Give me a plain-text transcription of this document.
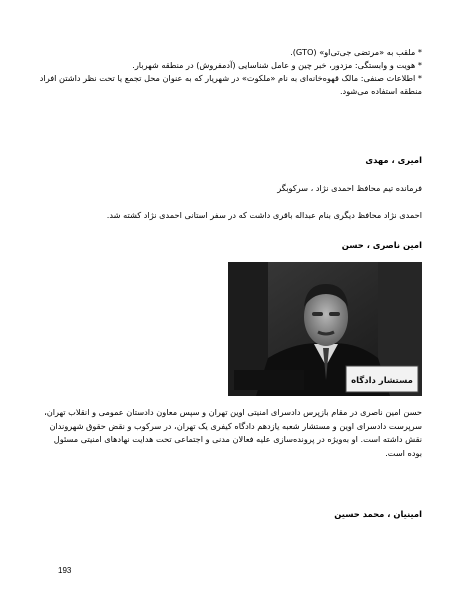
* ملقب به «مرتضی جی‌تی‌او» (GTO).
* هویت و وابستگی: مزدور، خبر چین و عامل شناسایی (آدمفروش) در منطقه شهربار.
* اطلاعات صنفی: مالک قهوه‌خانه‌ای به نام «ملکوت» در شهریار که به عنوان محل تجمع یا تحت نظر داشتن افراد منطقه استفاده می‌شود.
امیری ، مهدی
فرمانده تیم محافظ احمدی نژاد ، سرکوبگر
احمدی نژاد محافظ دیگری بنام عبداله باقری داشت که در سفر استانی احمدی نژاد کشته شد.
امین ناصری ، حسن
مستشار دادگاه
حسن امین ناصری در مقام بازپرس دادسرای امنیتی اوین تهران و سپس معاون دادستان عمومی و انقلاب تهران، سرپرست دادسرای اوین و مستشار شعبه یازدهم دادگاه کیفری یک تهران، در سرکوب و نقض حقوق شهروندان نقش داشته است. او به‌ویژه در پرونده‌سازی علیه فعالان مدنی و اجتماعی تحت هدایت نهادهای امنیتی مسئول بوده است.
امینیان ، محمد حسین
193
